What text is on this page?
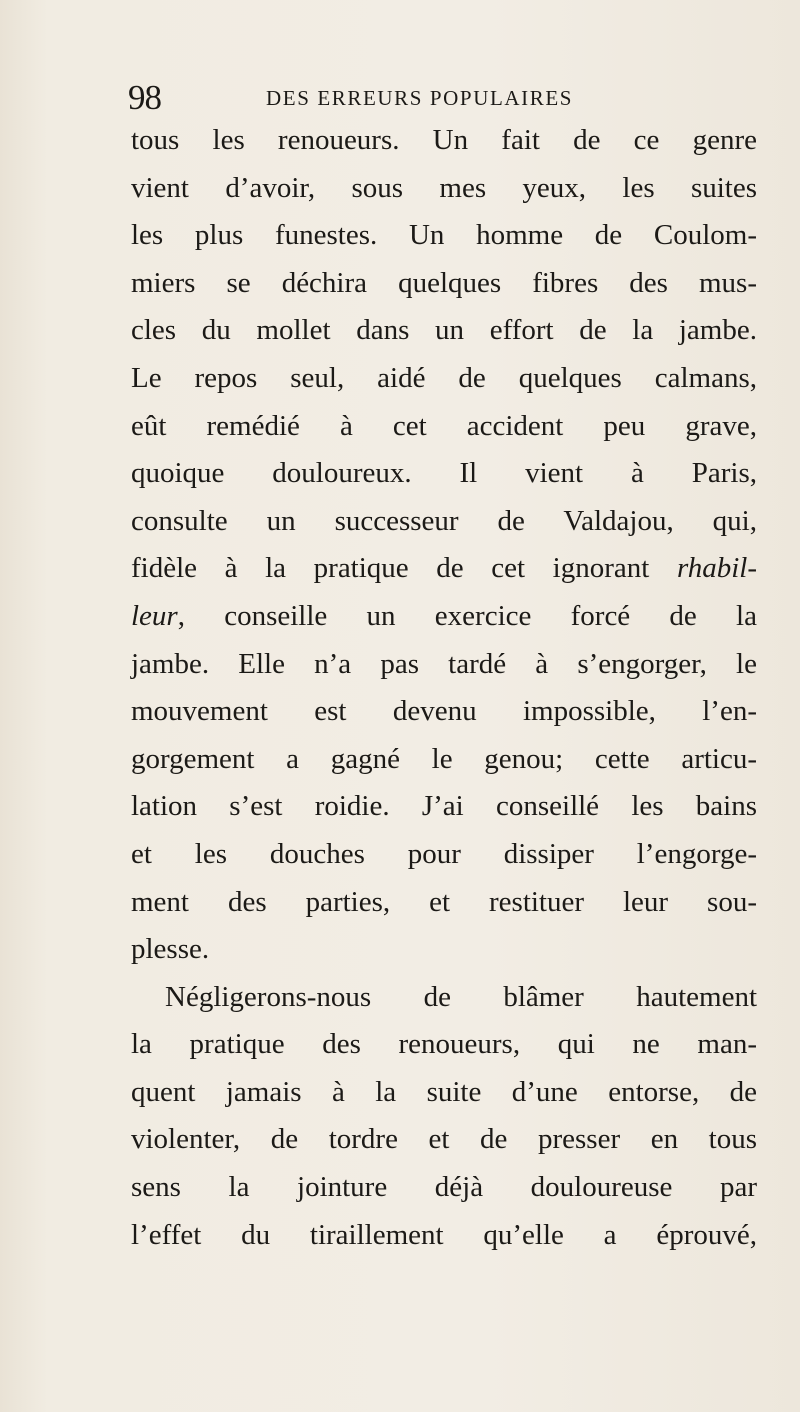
98	DES ERREURS POPULAIRES
tous les renoueurs. Un fait de ce genre
vient d’avoir, sous mes yeux, les suites
les plus funestes. Un homme de Coulom-
miers se déchira quelques fibres des mus-
cles du mollet dans un effort de la jambe.
Le repos seul, aidé de quelques calmans,
eût remédié à cet accident peu grave,
quoique douloureux. Il vient à Paris,
consulte un successeur de Valdajou, qui,
fidèle à la pratique de cet ignorant rhabil-
leur, conseille un exercice forcé de la
jambe. Elle n’a pas tardé à s’engorger, le
mouvement est devenu impossible, l’en-
gorgement a gagné le genou; cette articu-
lation s’est roidie. J’ai conseillé les bains
et les douches pour dissiper l’engorge-
ment des parties, et restituer leur sou-
plesse.
Négligerons-nous de blâmer hautement
la pratique des renoueurs, qui ne man-
quent jamais à la suite d’une entorse, de
violenter, de tordre et de presser en tous
sens la jointure déjà douloureuse par
l’effet du tiraillement qu’elle a éprouvé,
